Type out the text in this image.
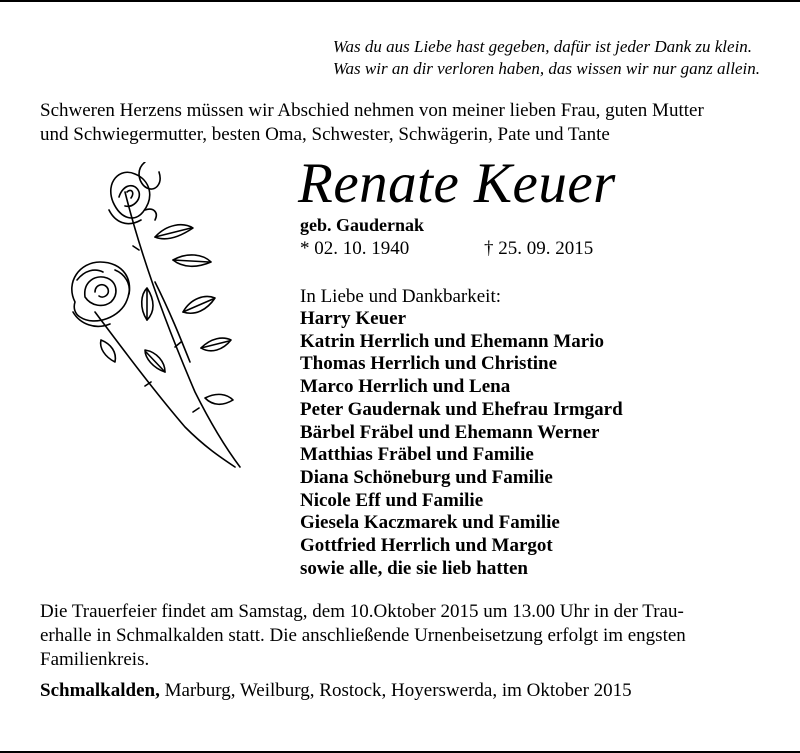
Was du aus Liebe hast gegeben, dafür ist jeder Dank zu klein.
Was wir an dir verloren haben, das wissen wir nur ganz allein.
Schweren Herzens müssen wir Abschied nehmen von meiner lieben Frau, guten Mutter
und Schwiegermutter, besten Oma, Schwester, Schwägerin, Pate und Tante
Renate Keuer
geb. Gaudernak
* 02. 10. 1940	† 25. 09. 2015
In Liebe und Dankbarkeit:
Harry Keuer
Katrin Herrlich und Ehemann Mario
Thomas Herrlich und Christine
Marco Herrlich und Lena
Peter Gaudernak und Ehefrau Irmgard
Bärbel Fräbel und Ehemann Werner
Matthias Fräbel und Familie
Diana Schöneburg und Familie
Nicole Eff und Familie
Giesela Kaczmarek und Familie
Gottfried Herrlich und Margot
sowie alle, die sie lieb hatten
Die Trauerfeier findet am Samstag, dem 10.Oktober 2015 um 13.00 Uhr in der Trau-
erhalle in Schmalkalden statt. Die anschließende Urnenbeisetzung erfolgt im engsten
Familienkreis.
Schmalkalden, Marburg, Weilburg, Rostock, Hoyerswerda, im Oktober 2015
